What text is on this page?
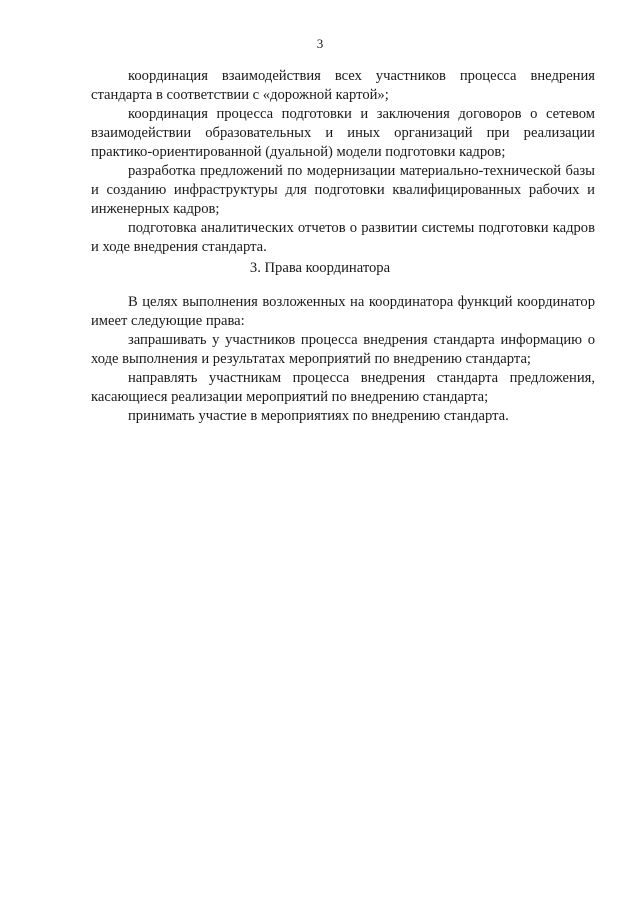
3

координация взаимодействия всех участников процесса внедрения стандарта в соответствии с «дорожной картой»;

координация процесса подготовки и заключения договоров о сетевом взаимодействии образовательных и иных организаций при реализации практико-ориентированной (дуальной) модели подготовки кадров;

разработка предложений по модернизации материально-технической базы и созданию инфраструктуры для подготовки квалифицированных рабочих и инженерных кадров;

подготовка аналитических отчетов о развитии системы подготовки кадров и ходе внедрения стандарта.

3. Права координатора

В целях выполнения возложенных на координатора функций координатор имеет следующие права:

запрашивать у участников процесса внедрения стандарта информацию о ходе выполнения и результатах мероприятий по внедрению стандарта;

направлять участникам процесса внедрения стандарта предложения, касающиеся реализации мероприятий по внедрению стандарта;

принимать участие в мероприятиях по внедрению стандарта.
